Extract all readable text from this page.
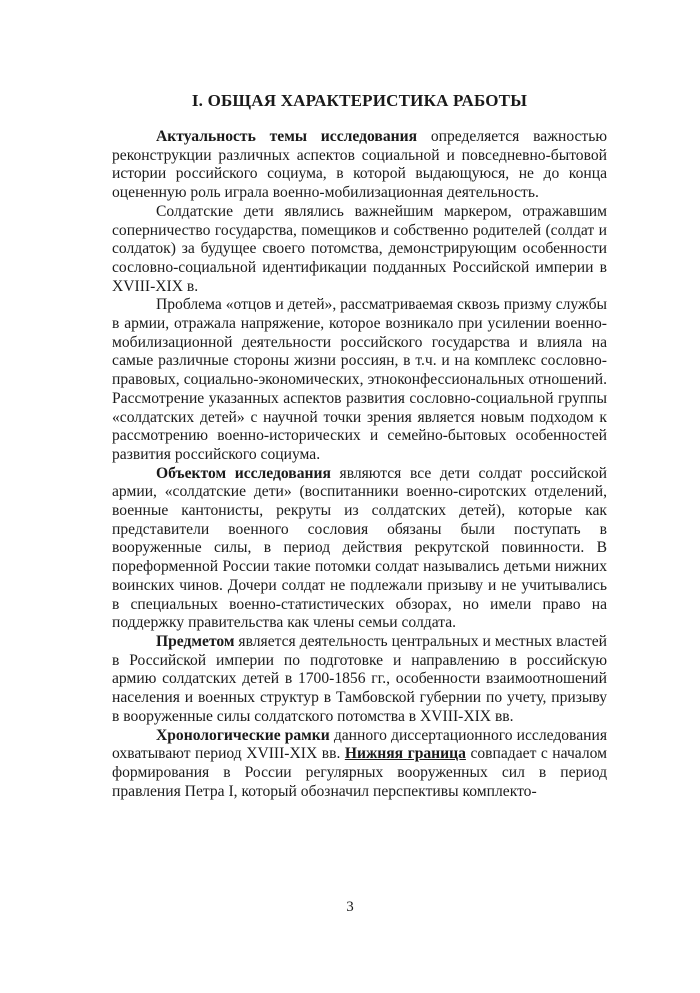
I. ОБЩАЯ ХАРАКТЕРИСТИКА РАБОТЫ

Актуальность темы исследования определяется важностью реконструкции различных аспектов социальной и повседневно-бытовой истории российского социума, в которой выдающуюся, не до конца оцененную роль играла военно-мобилизационная деятельность.

Солдатские дети являлись важнейшим маркером, отражавшим соперничество государства, помещиков и собственно родителей (солдат и солдаток) за будущее своего потомства, демонстрирующим особенности сословно-социальной идентификации подданных Российской империи в XVIII-XIX в.

Проблема «отцов и детей», рассматриваемая сквозь призму службы в армии, отражала напряжение, которое возникало при усилении военно-мобилизационной деятельности российского государства и влияла на самые различные стороны жизни россиян, в т.ч. и на комплекс сословно-правовых, социально-экономических, этноконфессиональных отношений. Рассмотрение указанных аспектов развития сословно-социальной группы «солдатских детей» с научной точки зрения является новым подходом к рассмотрению военно-исторических и семейно-бытовых особенностей развития российского социума.

Объектом исследования являются все дети солдат российской армии, «солдатские дети» (воспитанники военно-сиротских отделений, военные кантонисты, рекруты из солдатских детей), которые как представители военного сословия обязаны были поступать в вооруженные силы, в период действия рекрутской повинности. В пореформенной России такие потомки солдат назывались детьми нижних воинских чинов. Дочери солдат не подлежали призыву и не учитывались в специальных военно-статистических обзорах, но имели право на поддержку правительства как члены семьи солдата.

Предметом является деятельность центральных и местных властей в Российской империи по подготовке и направлению в российскую армию солдатских детей в 1700-1856 гг., особенности взаимоотношений населения и военных структур в Тамбовской губернии по учету, призыву в вооруженные силы солдатского потомства в XVIII-XIX вв.

Хронологические рамки данного диссертационного исследования охватывают период XVIII-XIX вв. Нижняя граница совпадает с началом формирования в России регулярных вооруженных сил в период правления Петра I, который обозначил перспективы комплекто-

3
